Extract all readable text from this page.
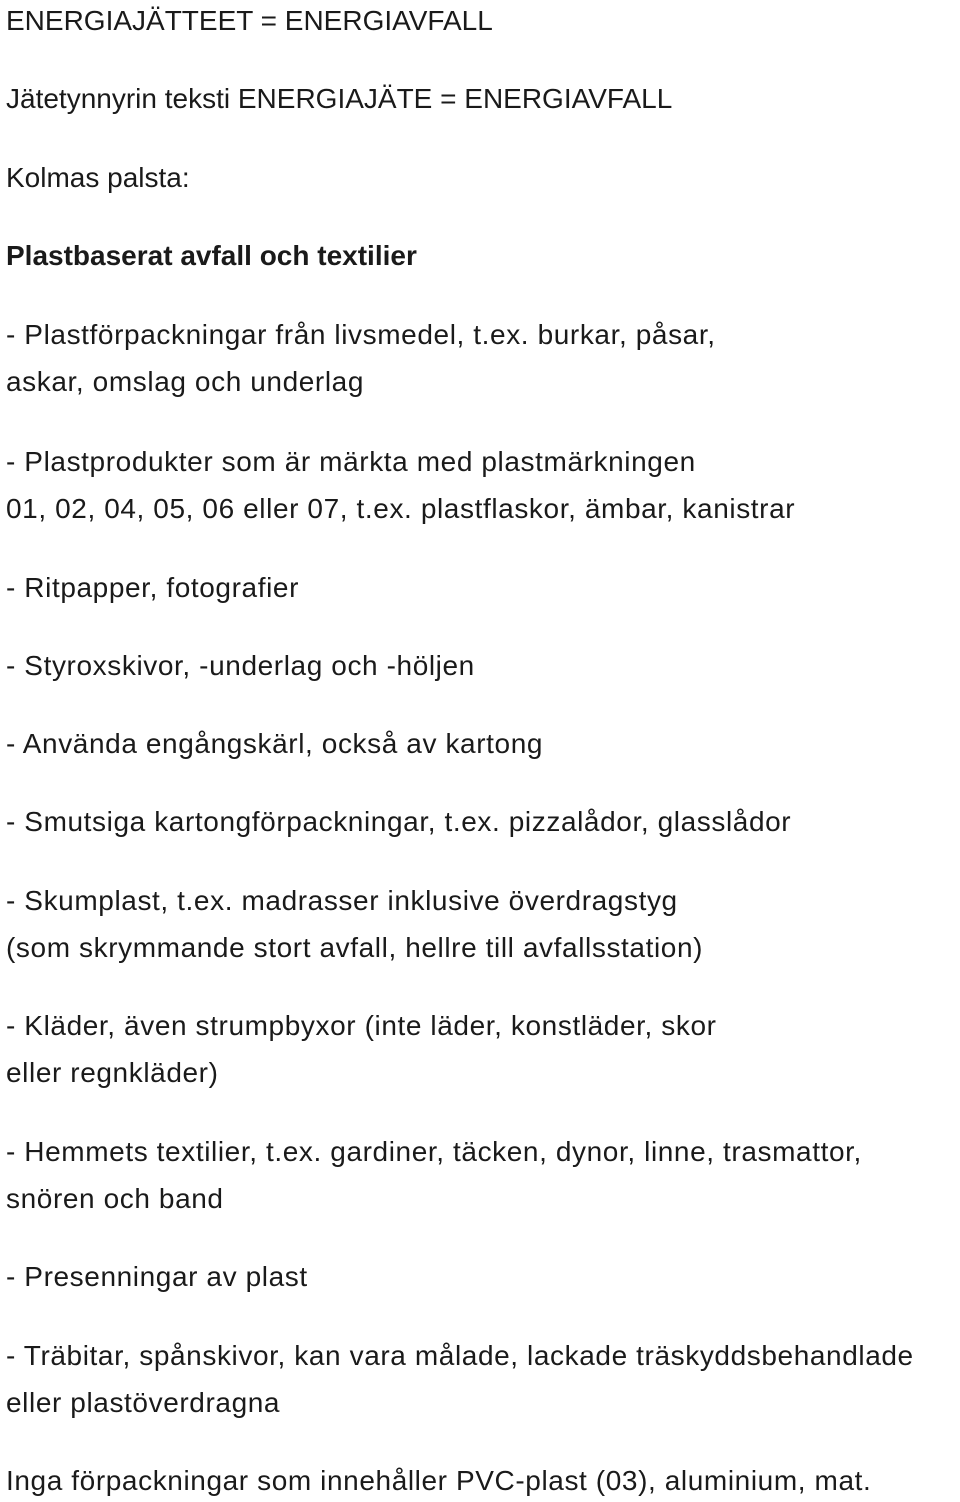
ENERGIAJÄTTEET = ENERGIAVFALL
Jätetynnyrin teksti ENERGIAJÄTE = ENERGIAVFALL
Kolmas palsta:
Plastbaserat avfall och textilier
- Plastförpackningar från livsmedel, t.ex. burkar, påsar,
askar, omslag och underlag
- Plastprodukter som är märkta med plastmärkningen
01, 02, 04, 05, 06 eller 07, t.ex. plastflaskor, ämbar, kanistrar
- Ritpapper, fotografier
- Styroxskivor, -underlag och -höljen
- Använda engångskärl, också av kartong
- Smutsiga kartongförpackningar, t.ex. pizzalådor, glasslådor
- Skumplast, t.ex. madrasser inklusive överdragstyg
(som skrymmande stort avfall, hellre till avfallsstation)
- Kläder, även strumpbyxor (inte läder, konstläder, skor
eller regnkläder)
- Hemmets textilier, t.ex. gardiner, täcken, dynor, linne, trasmattor,
snören och band
- Presenningar av plast
- Träbitar, spånskivor, kan vara målade, lackade träskyddsbehandlade
eller plastöverdragna
Inga förpackningar som innehåller PVC-plast (03), aluminium, mat.
